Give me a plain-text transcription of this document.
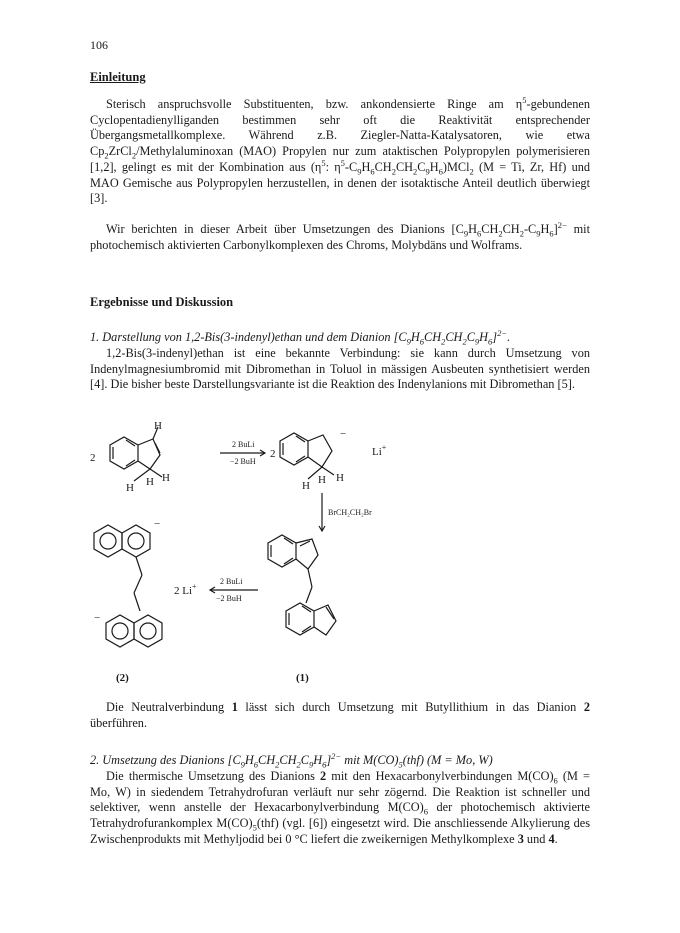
106
Einleitung

Sterisch anspruchsvolle Substituenten, bzw. ankondensierte Ringe am $\eta^5$-gebundenen Cyclopentadienylliganden bestimmen sehr oft die Reaktivität entsprechender Übergangsmetallkomplexe. Während z.B. Ziegler-Natta-Katalysatoren, wie etwa $Cp_2ZrCl_2$/Methylaluminoxan (MAO) Propylen nur zum ataktischen Polypropylen polymerisieren [1,2], gelingt es mit der Kombination aus ($\eta^5$: $\eta^5-C_9H_6CH_2CH_2C_9H_6)MCl_2$ (M = Ti, Zr, Hf) und MAO Gemische aus Polypropylen herzustellen, in denen der isotaktische Anteil deutlich überwiegt [3].

Wir berichten in dieser Arbeit über Umsetzungen des Dianions $[C_9H_6CH_2CH_2-C_9H_6]^{2-}$ mit photochemisch aktivierten Carbonylkomplexen des Chroms, Molybdäns und Wolframs.

Ergebnisse und Diskussion

1. Darstellung von 1,2-Bis(3-indenyl)ethan und dem Dianion $[C_9H_6CH_2CH_2C_9H_6]^{2-}$.

1,2-Bis(3-indenyl)ethan ist eine bekannte Verbindung: sie kann durch Umsetzung von Indenylmagnesiumbromid mit Dibromethan in Toluol in mässigen Ausbeuten synthetisiert werden [4]. Die bisher beste Darstellungsvariante ist die Reaktion des Indenylanions mit Dibromethan [5].

2
H
H H H
2 BuLi
−2 BuH
2
−
H H H
Li+
BrCH₂CH₂Br
2 Li+
2 BuLi
−2 BuH
−
−
(2)	(1)

Die Neutralverbindung 1 lässt sich durch Umsetzung mit Butyllithium in das Dianion 2 überführen.

2. Umsetzung des Dianions $[C_9H_6CH_2CH_2C_9H_6]^{2-}$ mit $M(CO)_5(thf) (M = Mo$, W)

Die thermische Umsetzung des Dianions 2 mit den Hexacarbonylverbindungen $M(CO)_6$ (M = Mo, W) in siedendem Tetrahydrofuran verläuft nur sehr zögernd. Die Reaktion ist schneller und selektiver, wenn anstelle der Hexacarbonylverbindung $M(CO)_6$ der photochemisch aktivierte Tetrahydrofurankomplex $M(CO)_5(thf)$ (vgl. [6]) eingesetzt wird. Die anschliessende Alkylierung des Zwischenprodukts mit Methyljodid bei 0 °C liefert die zweikernigen Methylkomplexe 3 und 4.
